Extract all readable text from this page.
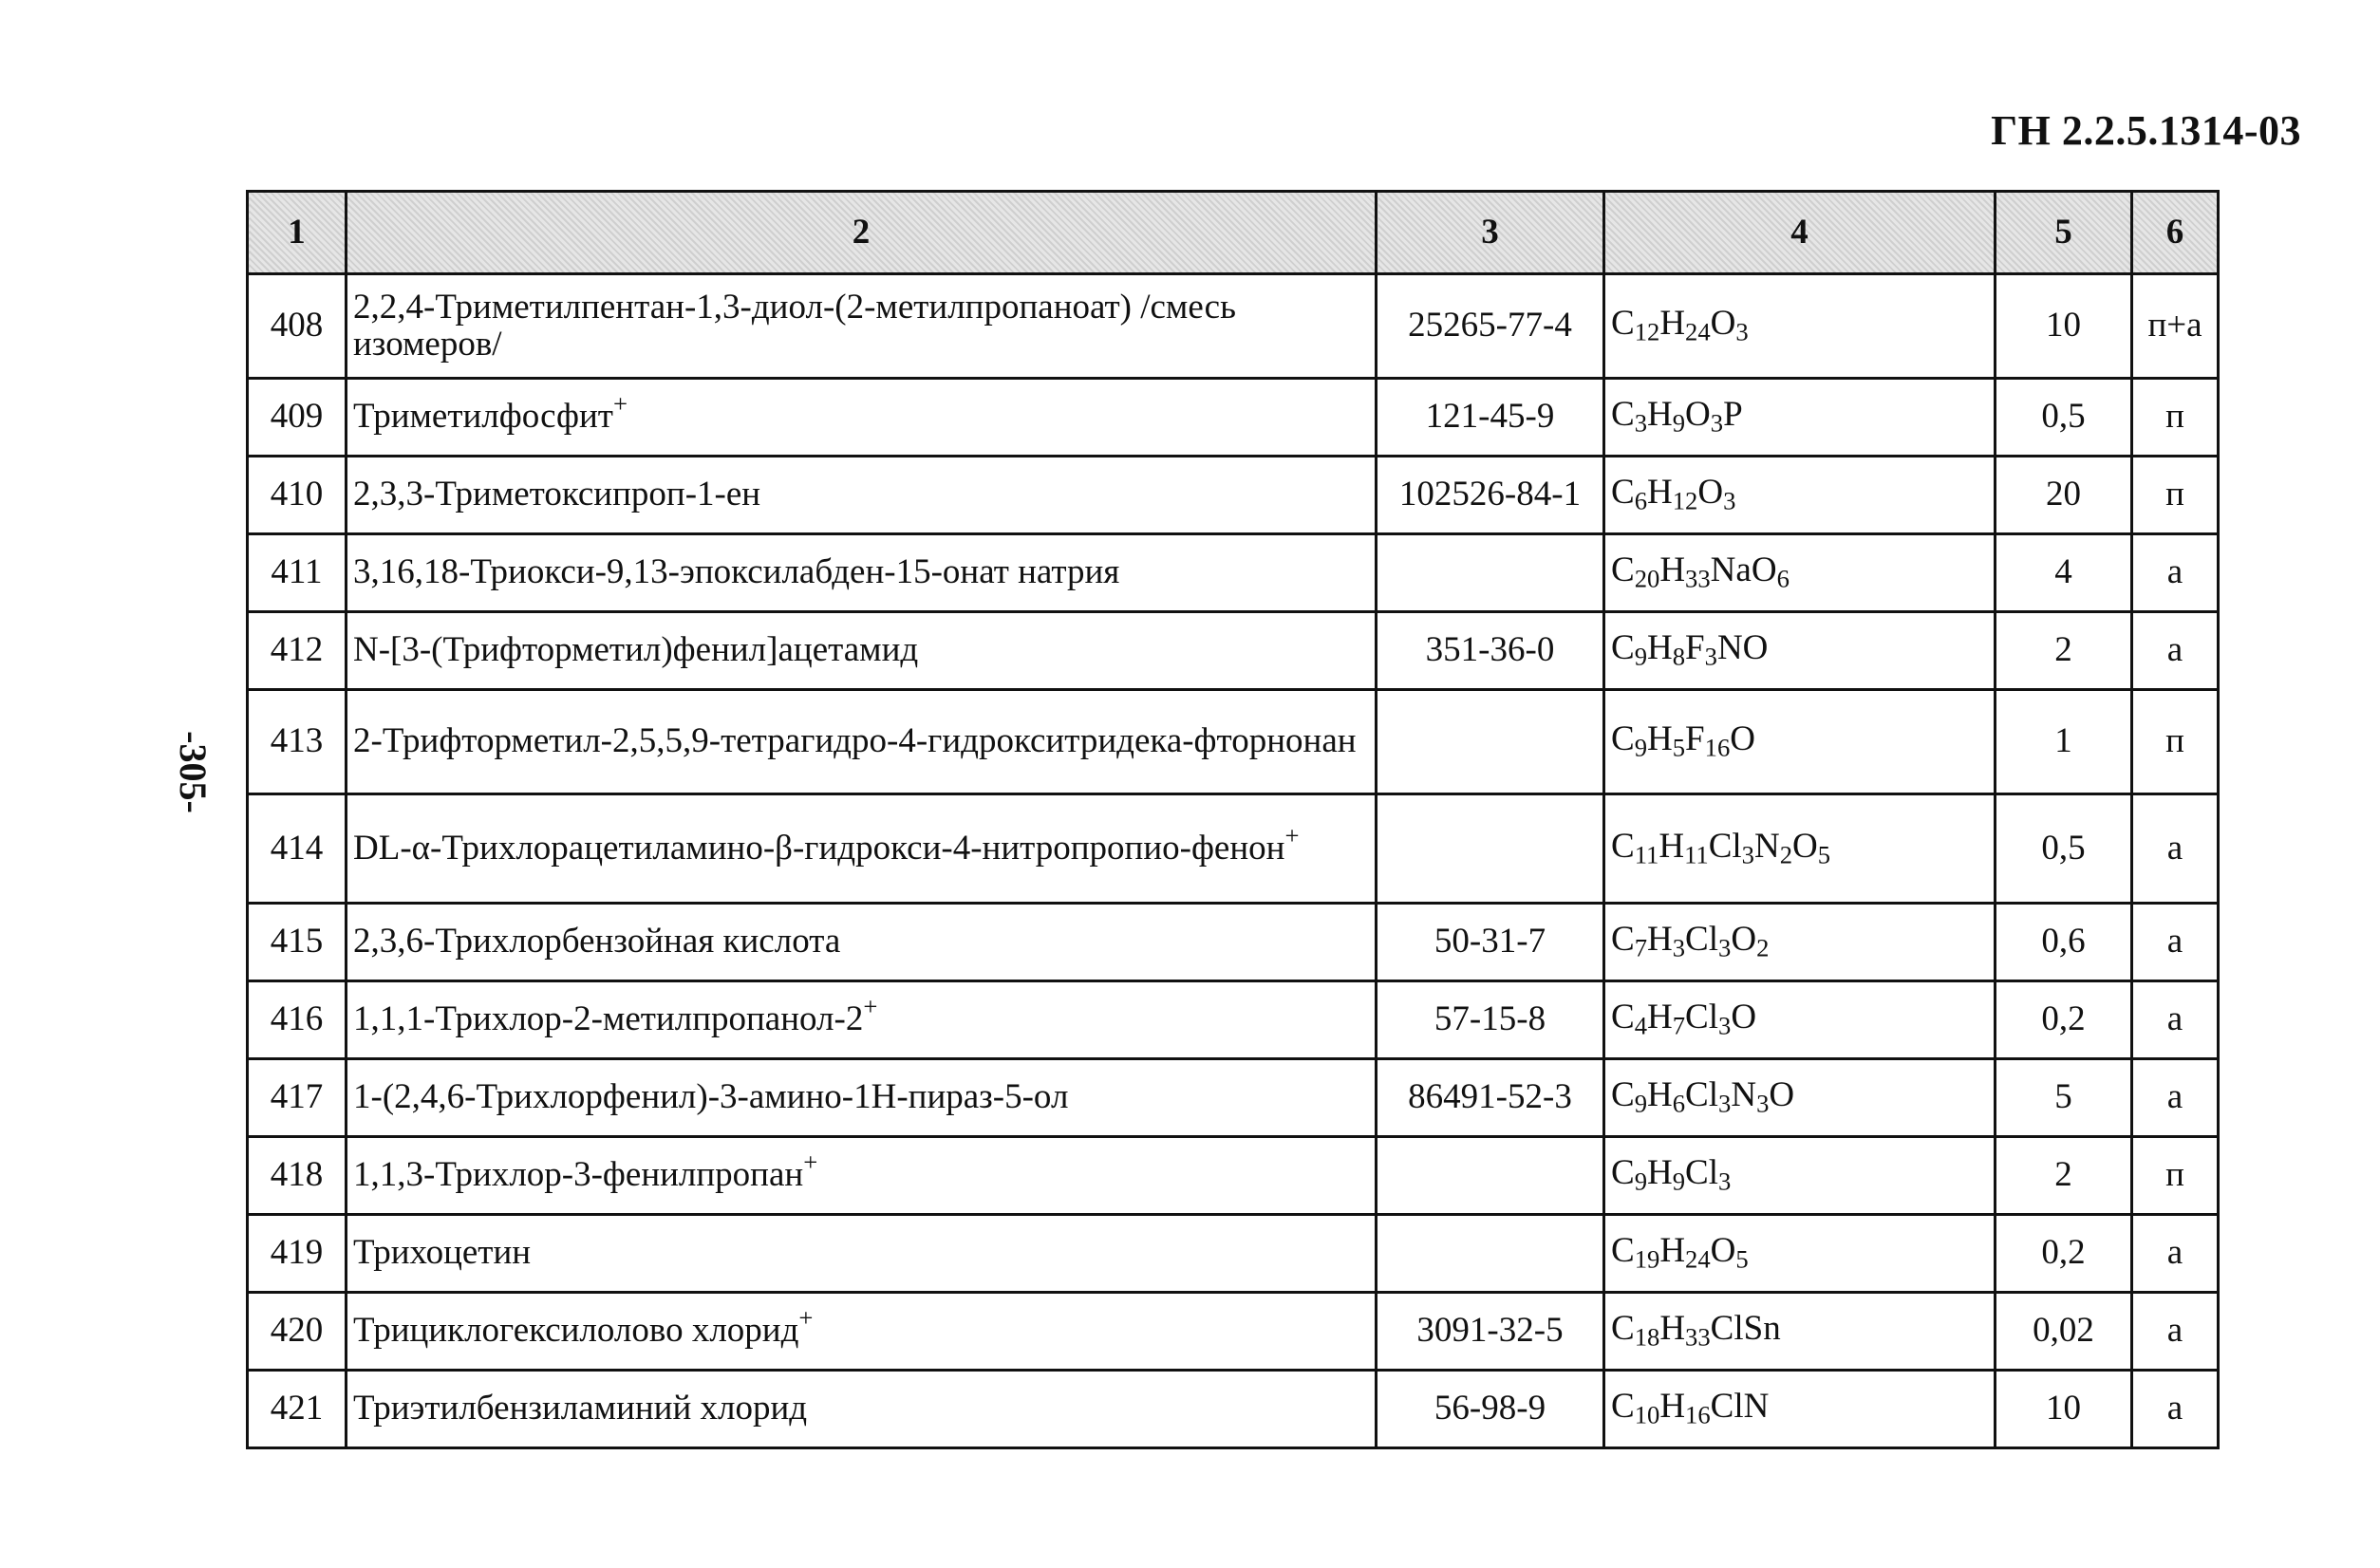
ГН 2.2.5.1314-03
-305-
1	2	3	4	5	6
408	2,2,4-Триметилпентан-1,3-диол-(2-метилпропаноат) /смесь изомеров/	25265-77-4	$C_{12}H_{24}O_3$	10	п+а
409	Триметилфосфит+	121-45-9	$C_3H_9O_3P$	0,5	п
410	2,3,3-Триметоксипроп-1-ен	102526-84-1	$C_6H_{12}O_3$	20	п
411	3,16,18-Триокси-9,13-эпоксилабден-15-онат натрия		$C_{20}H_{33}NaO_6$	4	а
412	N-[3-(Трифторметил)фенил]ацетамид	351-36-0	$C_9H_8F_3NO$	2	а
413	2-Трифторметил-2,5,5,9-тетрагидро-4-гидрокситридека-фторнонан		$C_9H_5F_{16}O$	1	п
414	DL-α-Трихлорацетиламино-β-гидрокси-4-нитропропио-фенон+		$C_{11}H_{11}Cl_3N_2O_5$	0,5	а
415	2,3,6-Трихлорбензойная кислота	50-31-7	$C_7H_3Cl_3O_2$	0,6	а
416	1,1,1-Трихлор-2-метилпропанол-2+	57-15-8	$C_4H_7Cl_3O$	0,2	а
417	1-(2,4,6-Трихлорфенил)-3-амино-1H-пираз-5-ол	86491-52-3	$C_9H_6Cl_3N_3O$	5	а
418	1,1,3-Трихлор-3-фенилпропан+		$C_9H_9Cl_3$	2	п
419	Трихоцетин		$C_{19}H_{24}O_5$	0,2	а
420	Трициклогексилолово хлорид+	3091-32-5	$C_{18}H_{33}ClSn$	0,02	а
421	Триэтилбензиламиний хлорид	56-98-9	$C_{10}H_{16}ClN$	10	а
